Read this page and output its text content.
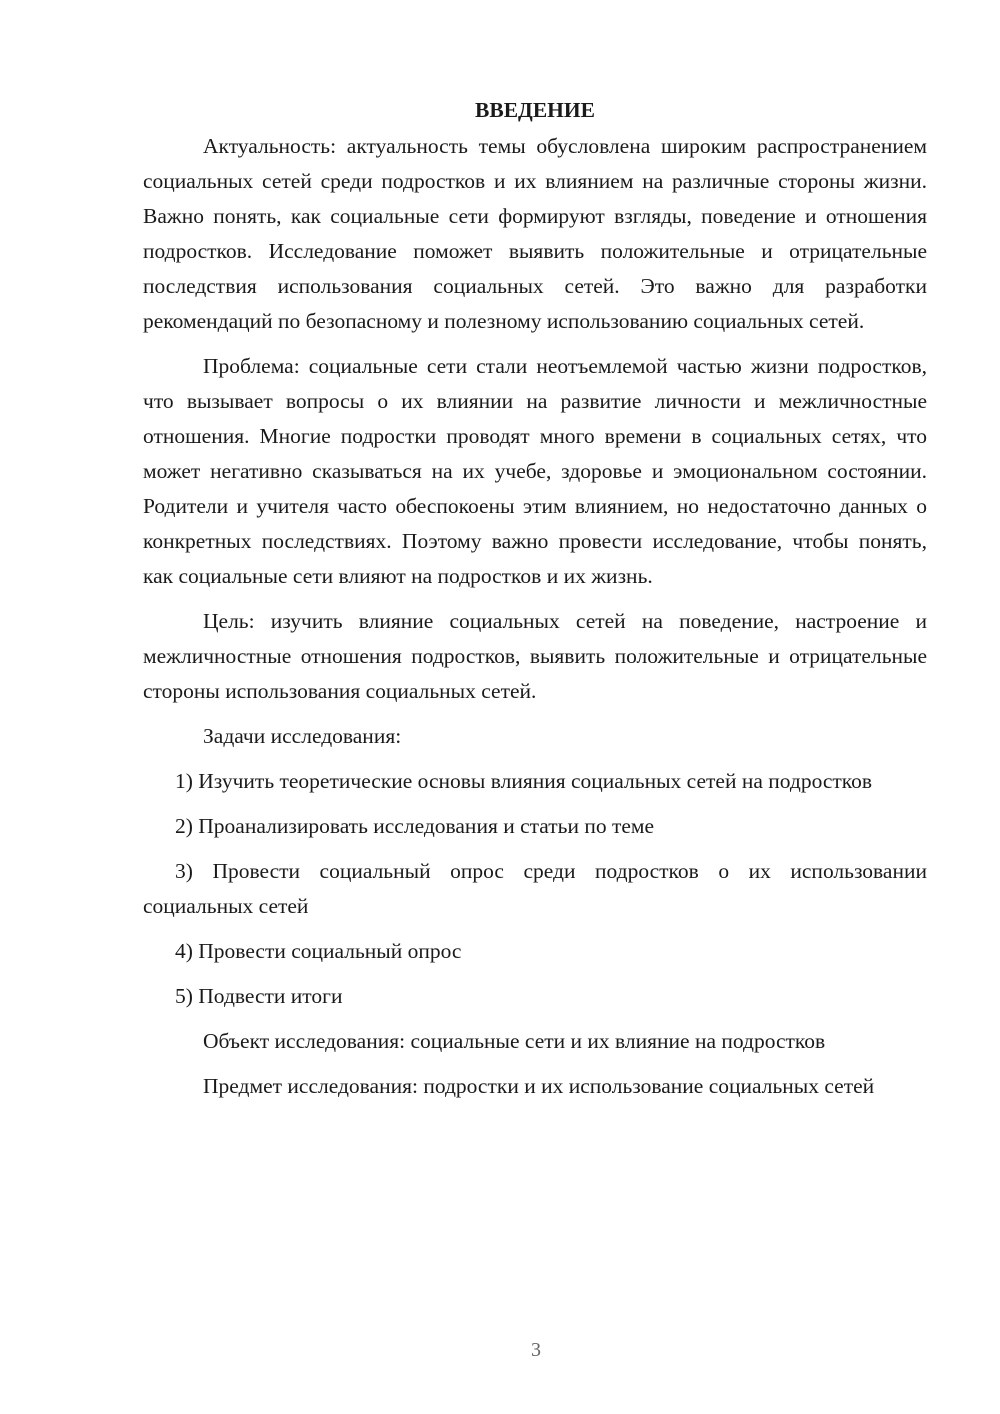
ВВЕДЕНИЕ

Актуальность: актуальность темы обусловлена широким распространением социальных сетей среди подростков и их влиянием на различные стороны жизни. Важно понять, как социальные сети формируют взгляды, поведение и отношения подростков. Исследование поможет выявить положительные и отрицательные последствия использования социальных сетей. Это важно для разработки рекомендаций по безопасному и полезному использованию социальных сетей.

Проблема: социальные сети стали неотъемлемой частью жизни подростков, что вызывает вопросы о их влиянии на развитие личности и межличностные отношения. Многие подростки проводят много времени в социальных сетях, что может негативно сказываться на их учебе, здоровье и эмоциональном состоянии. Родители и учителя часто обеспокоены этим влиянием, но недостаточно данных о конкретных последствиях. Поэтому важно провести исследование, чтобы понять, как социальные сети влияют на подростков и их жизнь.

Цель: изучить влияние социальных сетей на поведение, настроение и межличностные отношения подростков, выявить положительные и отрицательные стороны использования социальных сетей.

Задачи исследования:

1) Изучить теоретические основы влияния социальных сетей на подростков

2) Проанализировать исследования и статьи по теме

3) Провести социальный опрос среди подростков о их использовании социальных сетей

4) Провести социальный опрос

5) Подвести итоги

Объект исследования: социальные сети и их влияние на подростков

Предмет исследования: подростки и их использование социальных сетей

3
